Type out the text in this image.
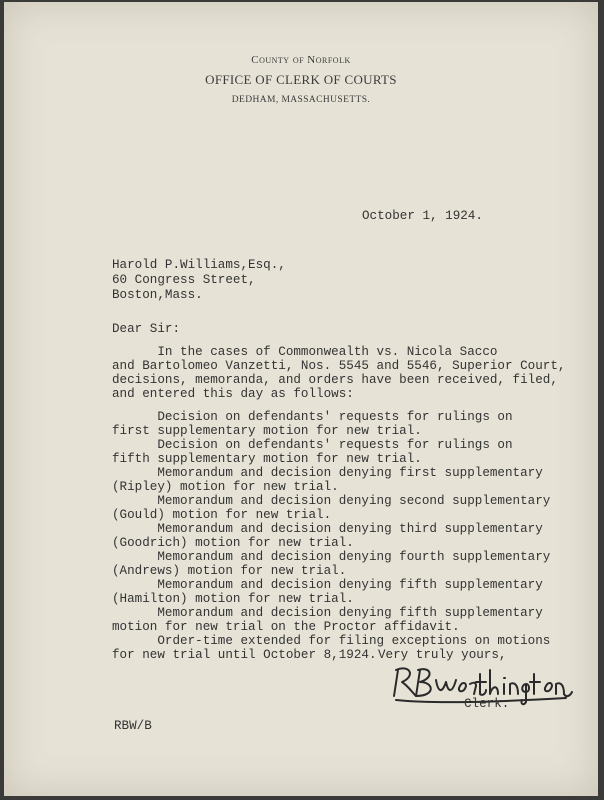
County of Norfolk
OFFICE OF CLERK OF COURTS
DEDHAM, MASSACHUSETTS.
October 1, 1924.
Harold P.Williams,Esq.,
60 Congress Street,
Boston,Mass.
Dear Sir:
In the cases of Commonwealth vs. Nicola Sacco
and Bartolomeo Vanzetti, Nos. 5545 and 5546, Superior Court,
decisions, memoranda, and orders have been received, filed,
and entered this day as follows:
Decision on defendants' requests for rulings on
first supplementary motion for new trial.
Decision on defendants' requests for rulings on
fifth supplementary motion for new trial.
Memorandum and decision denying first supplementary
(Ripley) motion for new trial.
Memorandum and decision denying second supplementary
(Gould) motion for new trial.
Memorandum and decision denying third supplementary
(Goodrich) motion for new trial.
Memorandum and decision denying fourth supplementary
(Andrews) motion for new trial.
Memorandum and decision denying fifth supplementary
(Hamilton) motion for new trial.
Memorandum and decision denying fifth supplementary
motion for new trial on the Proctor affidavit.
Order-time extended for filing exceptions on motions
for new trial until October 8,1924. Very truly yours,
Clerk.
RBW/B
